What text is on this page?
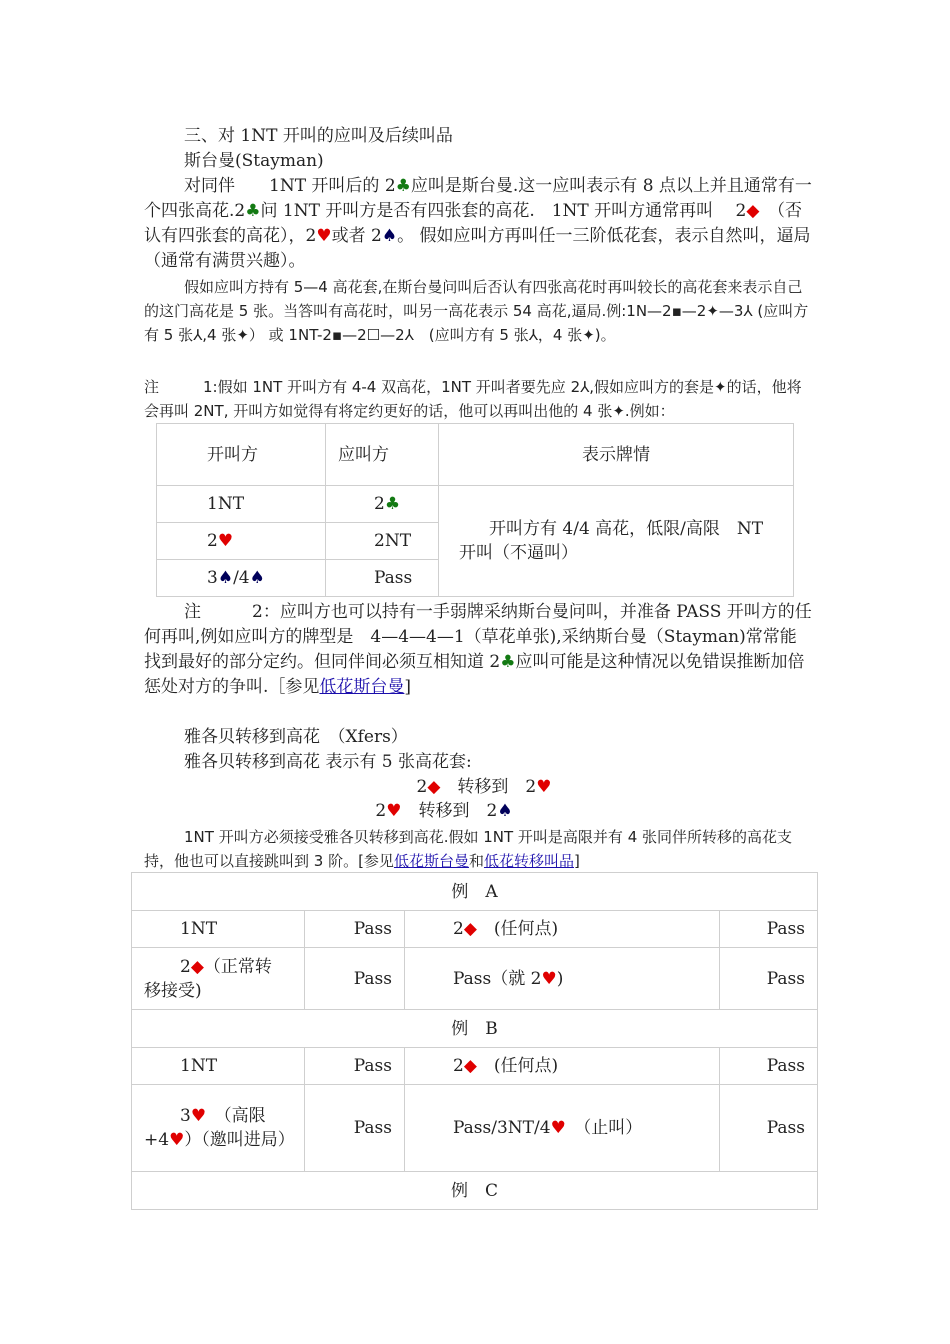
三、对 1NT 开叫的应叫及后续叫品

斯台曼(Stayman)

对同伴　　1NT 开叫后的 2♣应叫是斯台曼.这一应叫表示有 8 点以上并且通常有一个四张高花.2♣问 1NT 开叫方是否有四张套的高花.　1NT 开叫方通常再叫　 2◆　（否认有四张套的高花），2♥或者 2♠。 假如应叫方再叫任一三阶低花套，表示自然叫，逼局（通常有满贯兴趣）。

假如应叫方持有 5—4 高花套,在斯台曼问叫后否认有四张高花时再叫较长的高花套来表示自己的这门高花是 5 张。当答叫有高花时，叫另一高花表示 54 高花,逼局.例:1N—2▪—2✦—3⅄ (应叫方有 5 张⅄,4 张✦） 或 1NT-2▪—2☐—2⅄　(应叫方有 5 张⅄，4 张✦)。

注	1:假如 1NT 开叫方有 4-4 双高花，1NT 开叫者要先应 2⅄,假如应叫方的套是✦的话，他将会再叫 2NT, 开叫方如觉得有将定约更好的话，他可以再叫出他的 4 张✦.例如：

开叫方	应叫方	表示牌情
1NT	2♣	开叫方有 4/4 高花，低限/高限　NT　开叫（不逼叫）
2♥	2NT	
3♠/4♠	Pass	

注　　　2：应叫方也可以持有一手弱牌采纳斯台曼问叫，并准备 PASS 开叫方的任何再叫,例如应叫方的牌型是　4—4—4—1（草花单张),采纳斯台曼（Stayman)常常能找到最好的部分定约。但同伴间必须互相知道 2♣应叫可能是这种情况以免错误推断加倍惩处对方的争叫.［参见低花斯台曼]

雅各贝转移到高花　（Xfers）

雅各贝转移到高花 表示有 5 张高花套:

2◆　转移到　2♥

2♥　转移到　2♠

1NT 开叫方必须接受雅各贝转移到高花.假如 1NT 开叫是高限并有 4 张同伴所转移的高花支持，他也可以直接跳叫到 3 阶。[参见低花斯台曼和低花转移叫品]

例　A			
1NT	Pass	2◆　(任何点)	Pass
2◆（正常转移接受)	Pass	Pass（就 2♥)	Pass
例　B			
1NT	Pass	2◆　(任何点)	Pass
3♥　（高限+4♥）（邀叫进局）	Pass	Pass/3NT/4♥　（止叫）	Pass
例　C			
